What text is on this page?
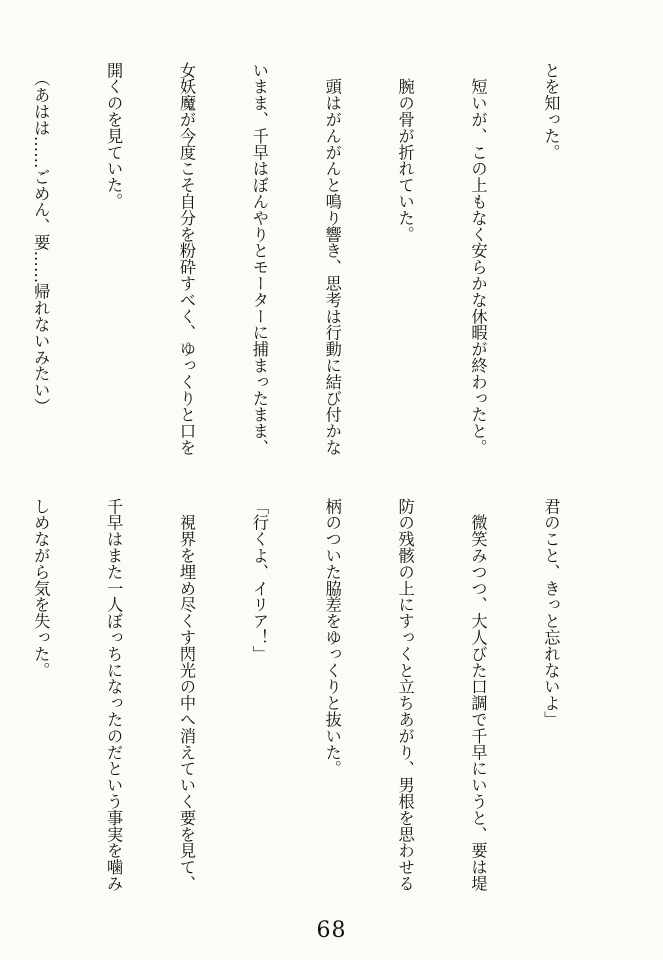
とを知った。

　短いが、この上もなく安らかな休暇が終わったと。

　腕の骨が折れていた。

　頭はがんがんと鳴り響き、思考は行動に結び付かな

いまま、千早はぼんやりとモーターに捕まったまま、

女妖魔が今度こそ自分を粉砕すべく、ゆっくりと口を

開くのを見ていた。

　（あはは……ごめん、要……帰れないみたい）

君のこと、きっと忘れないよ」

　微笑みつつ、大人びた口調で千早にいうと、要は堤

防の残骸の上にすっくと立ちあがり、男根を思わせる

柄のついた脇差をゆっくりと抜いた。

「行くよ、イリア！」

　視界を埋め尽くす閃光の中へ消えていく要を見て、

千早はまた一人ぼっちになったのだという事実を噛み

しめながら気を失った。

68
